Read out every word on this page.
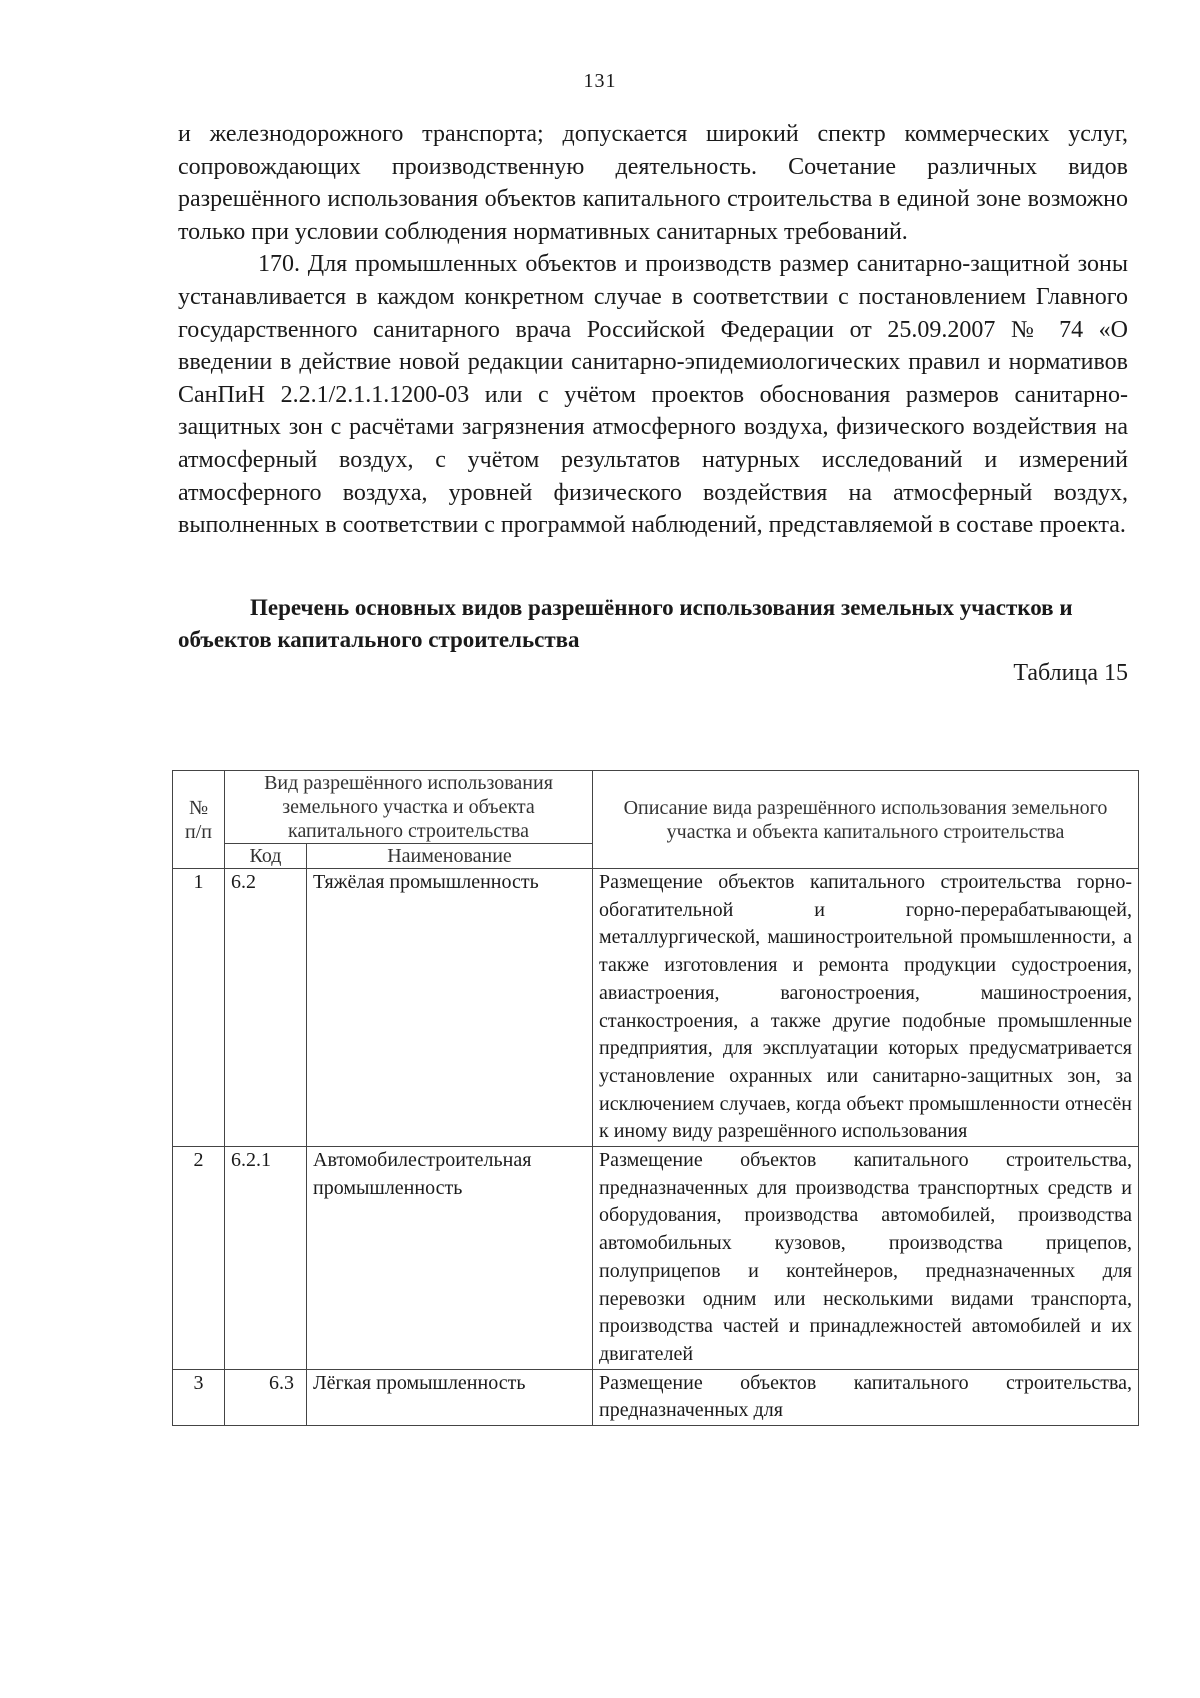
131

и железнодорожного транспорта; допускается широкий спектр коммерческих услуг, сопровождающих производственную деятельность. Сочетание различных видов разрешённого использования объектов капитального строительства в единой зоне возможно только при условии соблюдения нормативных санитарных требований.

170. Для промышленных объектов и производств размер санитарно-защитной зоны устанавливается в каждом конкретном случае в соответствии с постановлением Главного государственного санитарного врача Российской Федерации от 25.09.2007 № 74 «О введении в действие новой редакции санитарно-эпидемиологических правил и нормативов СанПиН 2.2.1/2.1.1.1200-03 или с учётом проектов обоснования размеров санитарно-защитных зон с расчётами загрязнения атмосферного воздуха, физического воздействия на атмосферный воздух, с учётом результатов натурных исследований и измерений атмосферного воздуха, уровней физического воздействия на атмосферный воздух, выполненных в соответствии с программой наблюдений, представляемой в составе проекта.

Перечень основных видов разрешённого использования земельных участков и объектов капитального строительства

Таблица 15

№ п/п	Вид разрешённого использования земельного участка и объекта капитального строительства		Описание вида разрешённого использования земельного участка и объекта капитального строительства
	Код	Наименование	
1	6.2	Тяжёлая промышленность	Размещение объектов капитального строительства горно-обогатительной и горно-перерабатывающей, металлургической, машиностроительной промышленности, а также изготовления и ремонта продукции судостроения, авиастроения, вагоностроения, машиностроения, станкостроения, а также другие подобные промышленные предприятия, для эксплуатации которых предусматривается установление охранных или санитарно-защитных зон, за исключением случаев, когда объект промышленности отнесён к иному виду разрешённого использования
2	6.2.1	Автомобилестроительная промышленность	Размещение объектов капитального строительства, предназначенных для производства транспортных средств и оборудования, производства автомобилей, производства автомобильных кузовов, производства прицепов, полуприцепов и контейнеров, предназначенных для перевозки одним или несколькими видами транспорта, производства частей и принадлежностей автомобилей и их двигателей
3	6.3	Лёгкая промышленность	Размещение объектов капитального строительства, предназначенных для
